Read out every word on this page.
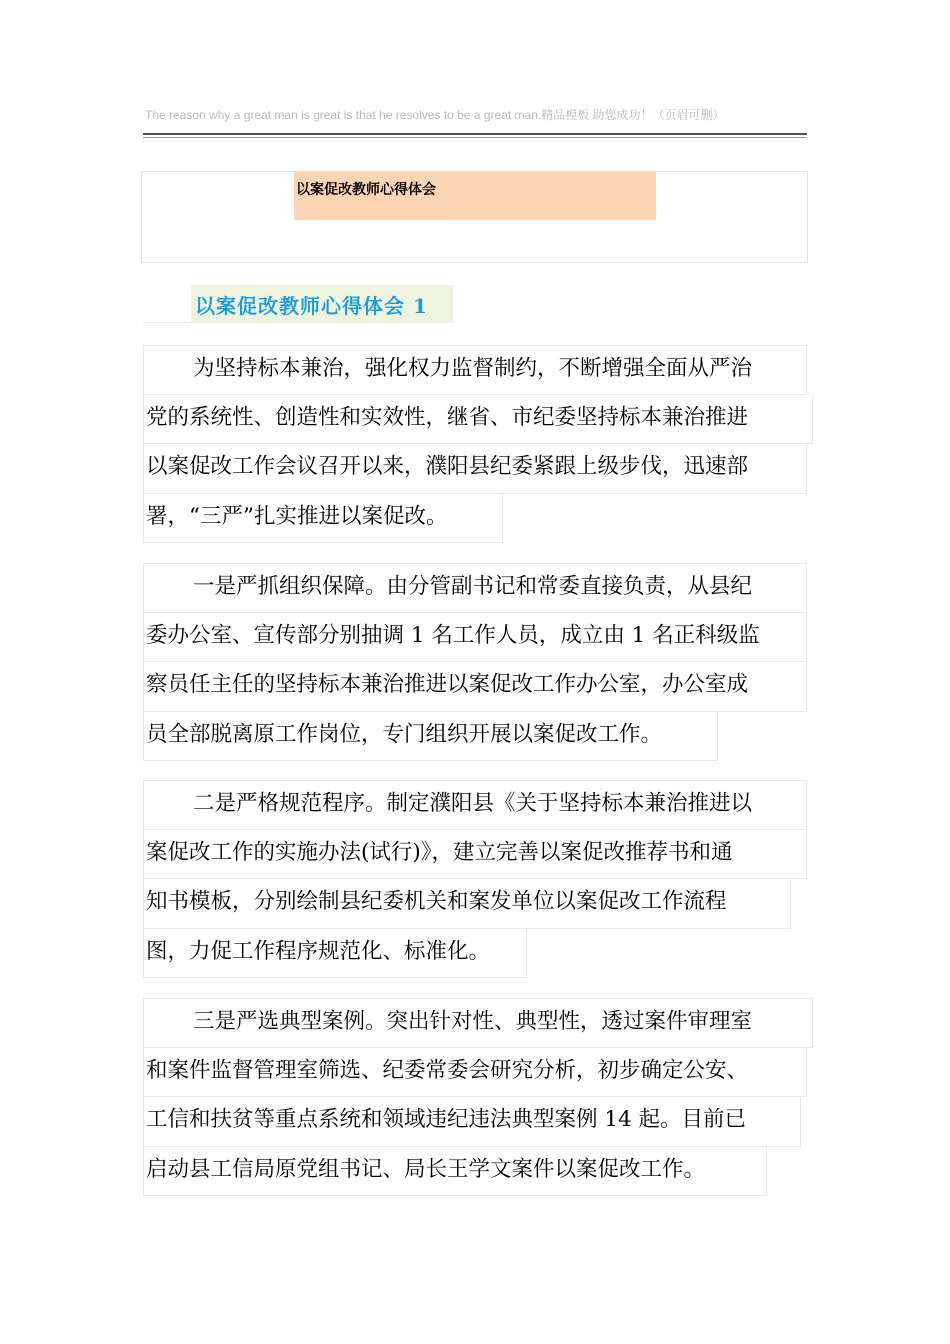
The reason why a great man is great is that he resolves to be a great man.精品模板 助您成功！（页眉可删）
以案促改教师心得体会
以案促改教师心得体会 1
为坚持标本兼治，强化权力监督制约，不断增强全面从严治
党的系统性、创造性和实效性，继省、市纪委坚持标本兼治推进
以案促改工作会议召开以来，濮阳县纪委紧跟上级步伐，迅速部
署，“三严”扎实推进以案促改。
一是严抓组织保障。由分管副书记和常委直接负责，从县纪
委办公室、宣传部分别抽调 1 名工作人员，成立由 1 名正科级监
察员任主任的坚持标本兼治推进以案促改工作办公室，办公室成
员全部脱离原工作岗位，专门组织开展以案促改工作。
二是严格规范程序。制定濮阳县《关于坚持标本兼治推进以
案促改工作的实施办法(试行)》，建立完善以案促改推荐书和通
知书模板，分别绘制县纪委机关和案发单位以案促改工作流程
图，力促工作程序规范化、标准化。
三是严选典型案例。突出针对性、典型性，透过案件审理室
和案件监督管理室筛选、纪委常委会研究分析，初步确定公安、
工信和扶贫等重点系统和领域违纪违法典型案例 14 起。目前已
启动县工信局原党组书记、局长王学文案件以案促改工作。
